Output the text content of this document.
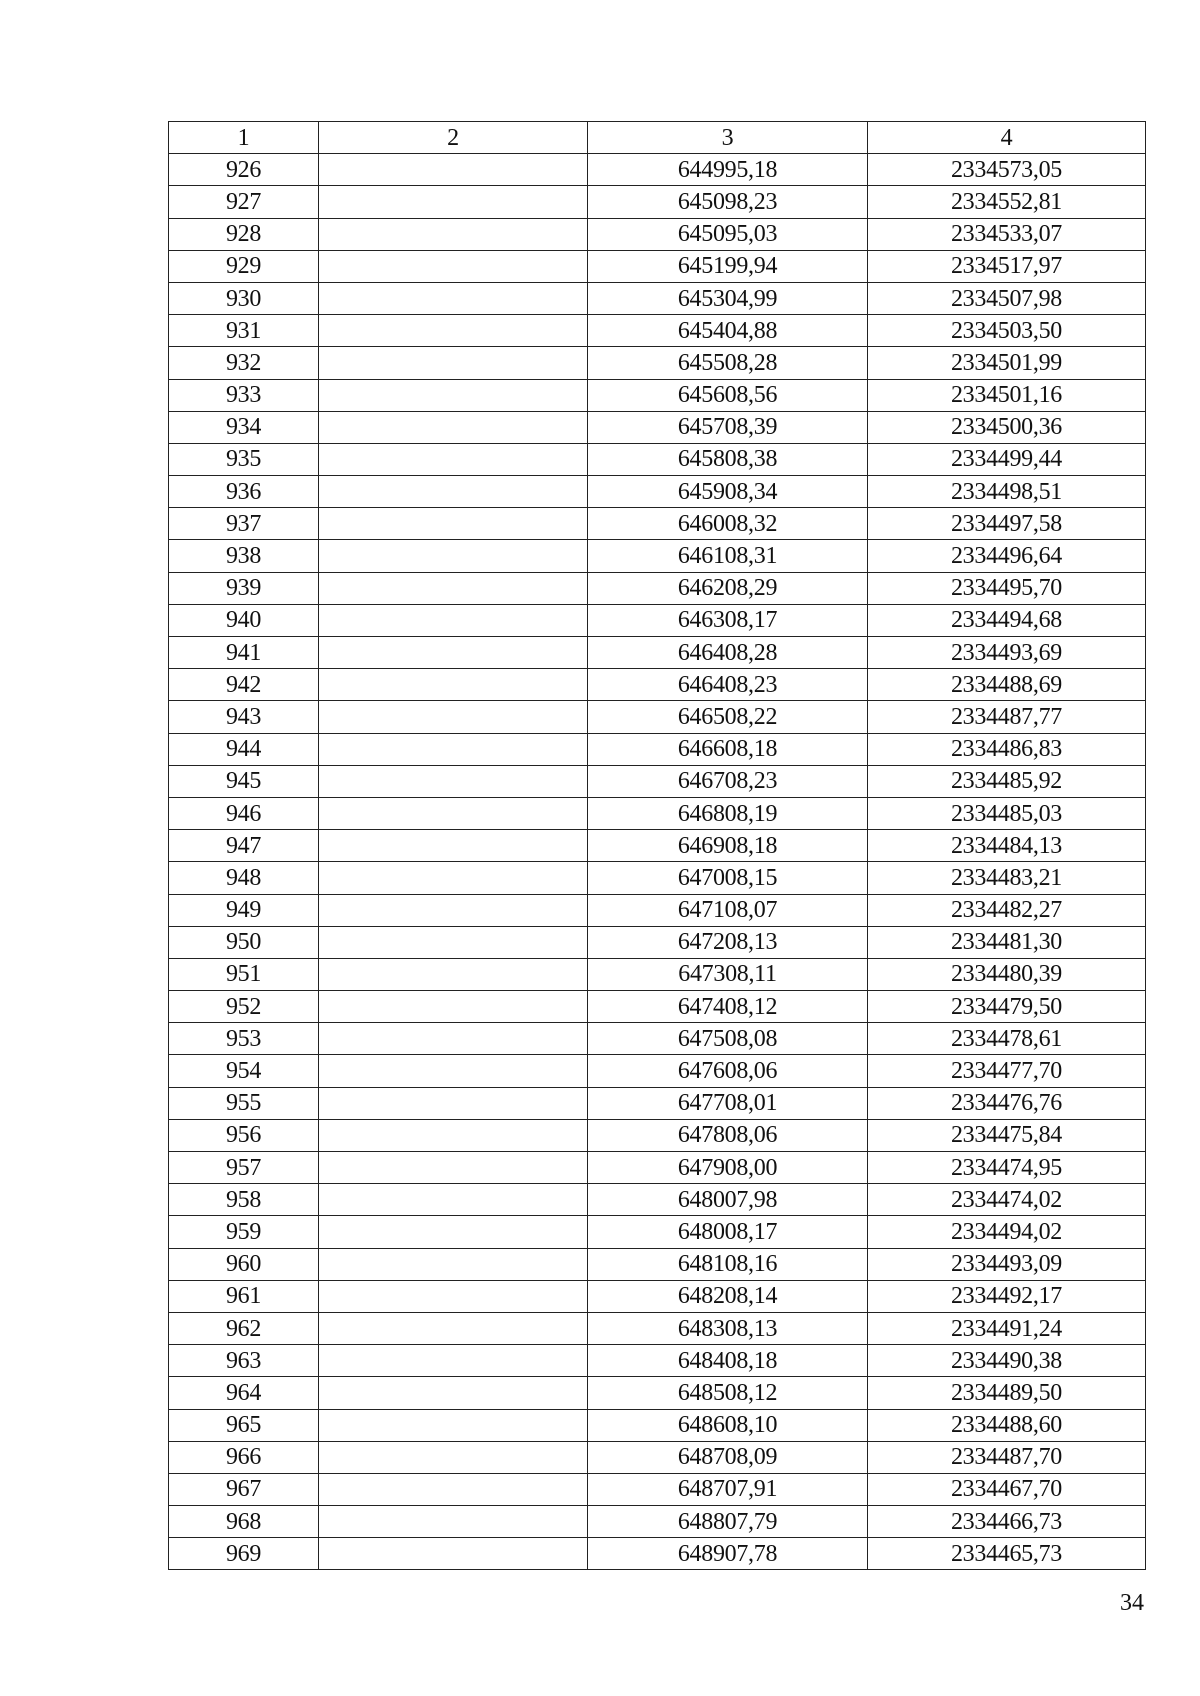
1	2	3	4
926		644995,18	2334573,05
927		645098,23	2334552,81
928		645095,03	2334533,07
929		645199,94	2334517,97
930		645304,99	2334507,98
931		645404,88	2334503,50
932		645508,28	2334501,99
933		645608,56	2334501,16
934		645708,39	2334500,36
935		645808,38	2334499,44
936		645908,34	2334498,51
937		646008,32	2334497,58
938		646108,31	2334496,64
939		646208,29	2334495,70
940		646308,17	2334494,68
941		646408,28	2334493,69
942		646408,23	2334488,69
943		646508,22	2334487,77
944		646608,18	2334486,83
945		646708,23	2334485,92
946		646808,19	2334485,03
947		646908,18	2334484,13
948		647008,15	2334483,21
949		647108,07	2334482,27
950		647208,13	2334481,30
951		647308,11	2334480,39
952		647408,12	2334479,50
953		647508,08	2334478,61
954		647608,06	2334477,70
955		647708,01	2334476,76
956		647808,06	2334475,84
957		647908,00	2334474,95
958		648007,98	2334474,02
959		648008,17	2334494,02
960		648108,16	2334493,09
961		648208,14	2334492,17
962		648308,13	2334491,24
963		648408,18	2334490,38
964		648508,12	2334489,50
965		648608,10	2334488,60
966		648708,09	2334487,70
967		648707,91	2334467,70
968		648807,79	2334466,73
969		648907,78	2334465,73
34
